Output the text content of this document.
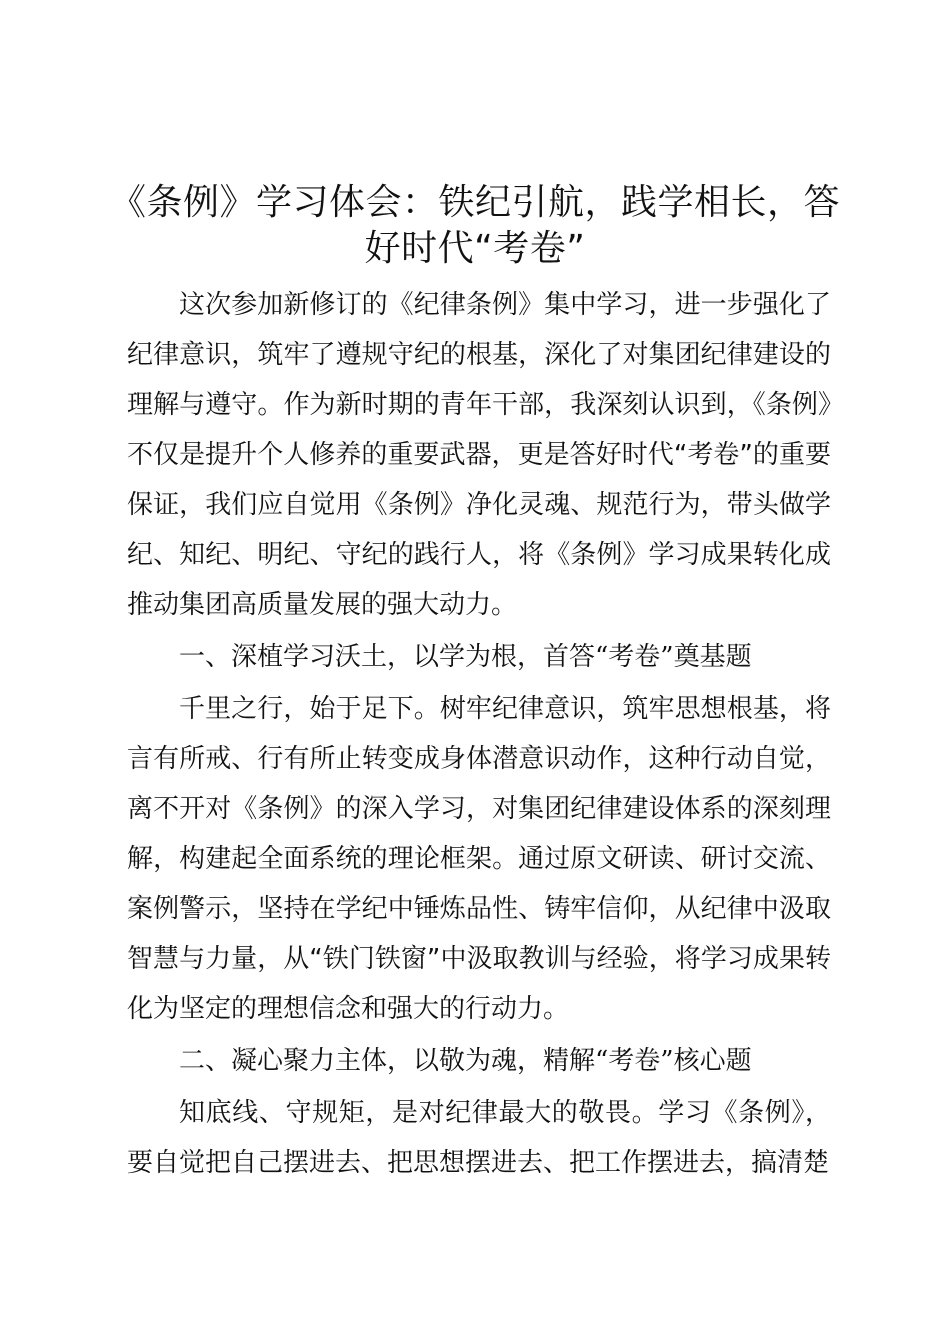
《条例》学习体会：铁纪引航，践学相长，答好时代“考卷”

这次参加新修订的《纪律条例》集中学习，进一步强化了纪律意识，筑牢了遵规守纪的根基，深化了对集团纪律建设的理解与遵守。作为新时期的青年干部，我深刻认识到，《条例》不仅是提升个人修养的重要武器，更是答好时代“考卷”的重要保证，我们应自觉用《条例》净化灵魂、规范行为，带头做学纪、知纪、明纪、守纪的践行人，将《条例》学习成果转化成推动集团高质量发展的强大动力。

一、深植学习沃土，以学为根，首答“考卷”奠基题

千里之行，始于足下。树牢纪律意识，筑牢思想根基，将言有所戒、行有所止转变成身体潜意识动作，这种行动自觉，离不开对《条例》的深入学习，对集团纪律建设体系的深刻理解，构建起全面系统的理论框架。通过原文研读、研讨交流、案例警示，坚持在学纪中锤炼品性、铸牢信仰，从纪律中汲取智慧与力量，从“铁门铁窗”中汲取教训与经验，将学习成果转化为坚定的理想信念和强大的行动力。

二、凝心聚力主体，以敬为魂，精解“考卷”核心题

知底线、守规矩，是对纪律最大的敬畏。学习《条例》，要自觉把自己摆进去、把思想摆进去、把工作摆进去，搞清楚
